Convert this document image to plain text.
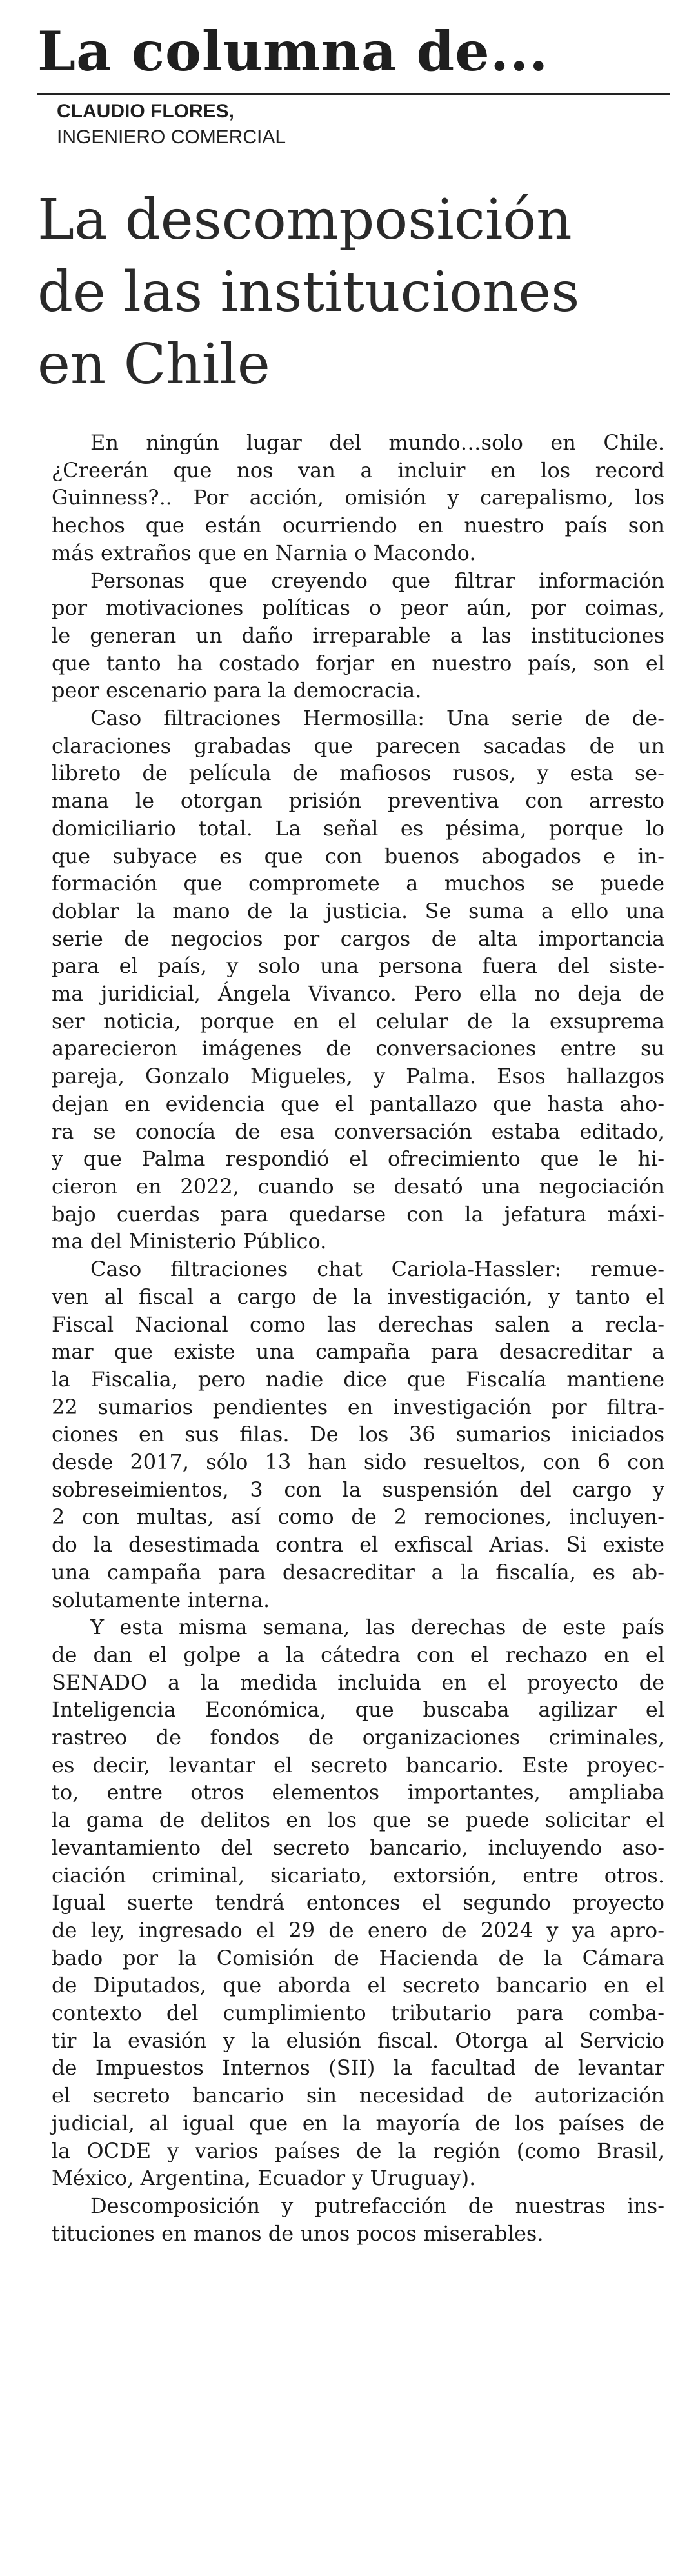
La columna de...
CLAUDIO FLORES,
INGENIERO COMERCIAL
La descomposición
de las instituciones
en Chile

En ningún lugar del mundo…solo en Chile.
¿Creerán que nos van a incluir en los record
Guinness?.. Por acción, omisión y carepalismo, los
hechos que están ocurriendo en nuestro país son
más extraños que en Narnia o Macondo.

Personas que creyendo que filtrar información
por motivaciones políticas o peor aún, por coimas,
le generan un daño irreparable a las instituciones
que tanto ha costado forjar en nuestro país, son el
peor escenario para la democracia.

Caso filtraciones Hermosilla: Una serie de de-
claraciones grabadas que parecen sacadas de un
libreto de película de mafiosos rusos, y esta se-
mana le otorgan prisión preventiva con arresto
domiciliario total. La señal es pésima, porque lo
que subyace es que con buenos abogados e in-
formación que compromete a muchos se puede
doblar la mano de la justicia. Se suma a ello una
serie de negocios por cargos de alta importancia
para el país, y solo una persona fuera del siste-
ma juridicial, Ángela Vivanco. Pero ella no deja de
ser noticia, porque en el celular de la exsuprema
aparecieron imágenes de conversaciones entre su
pareja, Gonzalo Migueles, y Palma. Esos hallazgos
dejan en evidencia que el pantallazo que hasta aho-
ra se conocía de esa conversación estaba editado,
y que Palma respondió el ofrecimiento que le hi-
cieron en 2022, cuando se desató una negociación
bajo cuerdas para quedarse con la jefatura máxi-
ma del Ministerio Público.

Caso filtraciones chat Cariola-Hassler: remue-
ven al fiscal a cargo de la investigación, y tanto el
Fiscal Nacional como las derechas salen a recla-
mar que existe una campaña para desacreditar a
la Fiscalia, pero nadie dice que Fiscalía mantiene
22 sumarios pendientes en investigación por filtra-
ciones en sus filas. De los 36 sumarios iniciados
desde 2017, sólo 13 han sido resueltos, con 6 con
sobreseimientos, 3 con la suspensión del cargo y
2 con multas, así como de 2 remociones, incluyen-
do la desestimada contra el exfiscal Arias. Si existe
una campaña para desacreditar a la fiscalía, es ab-
solutamente interna.

Y esta misma semana, las derechas de este país
de dan el golpe a la cátedra con el rechazo en el
SENADO a la medida incluida en el proyecto de
Inteligencia Económica, que buscaba agilizar el
rastreo de fondos de organizaciones criminales,
es decir, levantar el secreto bancario. Este proyec-
to, entre otros elementos importantes, ampliaba
la gama de delitos en los que se puede solicitar el
levantamiento del secreto bancario, incluyendo aso-
ciación criminal, sicariato, extorsión, entre otros.
Igual suerte tendrá entonces el segundo proyecto
de ley, ingresado el 29 de enero de 2024 y ya apro-
bado por la Comisión de Hacienda de la Cámara
de Diputados, que aborda el secreto bancario en el
contexto del cumplimiento tributario para comba-
tir la evasión y la elusión fiscal. Otorga al Servicio
de Impuestos Internos (SII) la facultad de levantar
el secreto bancario sin necesidad de autorización
judicial, al igual que en la mayoría de los países de
la OCDE y varios países de la región (como Brasil,
México, Argentina, Ecuador y Uruguay).

Descomposición y putrefacción de nuestras ins-
tituciones en manos de unos pocos miserables.
